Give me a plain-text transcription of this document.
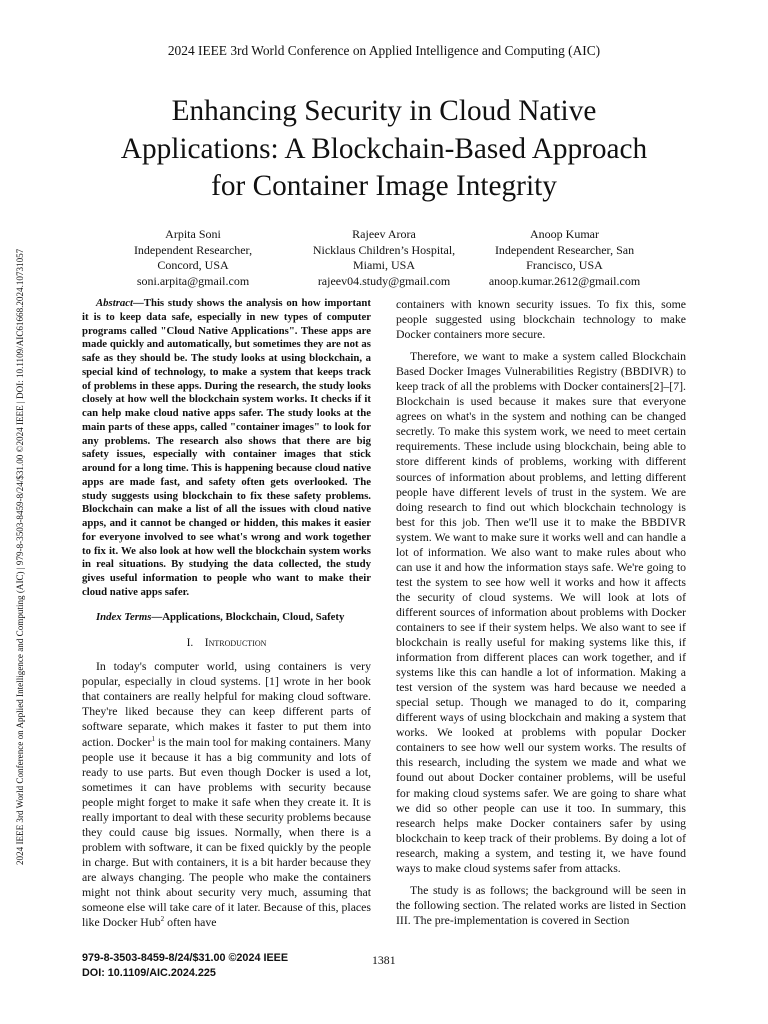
2024 IEEE 3rd World Conference on Applied Intelligence and Computing (AIC)
2024 IEEE 3rd World Conference on Applied Intelligence and Computing (AIC) | 979-8-3503-8459-8/24/$31.00 ©2024 IEEE | DOI: 10.1109/AIC61668.2024.10731057
Enhancing Security in Cloud Native
Applications: A Blockchain-Based Approach
for Container Image Integrity
Arpita Soni
Independent Researcher,
Concord, USA
soni.arpita@gmail.com
Rajeev Arora
Nicklaus Children’s Hospital,
Miami, USA
rajeev04.study@gmail.com
Anoop Kumar
Independent Researcher, San
Francisco, USA
anoop.kumar.2612@gmail.com

Abstract—This study shows the analysis on how important it is to keep data safe, especially in new types of computer programs called "Cloud Native Applications". These apps are made quickly and automatically, but sometimes they are not as safe as they should be. The study looks at using blockchain, a special kind of technology, to make a system that keeps track of problems in these apps. During the research, the study looks closely at how well the blockchain system works. It checks if it can help make cloud native apps safer. The study looks at the main parts of these apps, called "container images" to look for any problems. The research also shows that there are big safety issues, especially with container images that stick around for a long time. This is happening because cloud native apps are made fast, and safety often gets overlooked. The study suggests using blockchain to fix these safety problems. Blockchain can make a list of all the issues with cloud native apps, and it cannot be changed or hidden, this makes it easier for everyone involved to see what's wrong and work together to fix it. We also look at how well the blockchain system works in real situations. By studying the data collected, the study gives useful information to people who want to make their cloud native apps safer.

Index Terms—Applications, Blockchain, Cloud, Safety

I. Introduction

In today's computer world, using containers is very popular, especially in cloud systems. [1] wrote in her book that containers are really helpful for making cloud software. They're liked because they can keep different parts of software separate, which makes it faster to put them into action. Docker$^1$ is the main tool for making containers. Many people use it because it has a big community and lots of ready to use parts. But even though Docker is used a lot, sometimes it can have problems with security because people might forget to make it safe when they create it. It is really important to deal with these security problems because they could cause big issues. Normally, when there is a problem with software, it can be fixed quickly by the people in charge. But with containers, it is a bit harder because they are always changing. The people who make the containers might not think about security very much, assuming that someone else will take care of it later. Because of this, places like Docker Hub$^2$ often have

containers with known security issues. To fix this, some people suggested using blockchain technology to make Docker containers more secure.

Therefore, we want to make a system called Blockchain Based Docker Images Vulnerabilities Registry (BBDIVR) to keep track of all the problems with Docker containers[2]–[7]. Blockchain is used because it makes sure that everyone agrees on what's in the system and nothing can be changed secretly. To make this system work, we need to meet certain requirements. These include using blockchain, being able to store different kinds of problems, working with different sources of information about problems, and letting different people have different levels of trust in the system. We are doing research to find out which blockchain technology is best for this job. Then we'll use it to make the BBDIVR system. We want to make sure it works well and can handle a lot of information. We also want to make rules about who can use it and how the information stays safe. We're going to test the system to see how well it works and how it affects the security of cloud systems. We will look at lots of different sources of information about problems with Docker containers to see if their system helps. We also want to see if blockchain is really useful for making systems like this, if information from different places can work together, and if systems like this can handle a lot of information. Making a test version of the system was hard because we needed a special setup. Though we managed to do it, comparing different ways of using blockchain and making a system that works. We looked at problems with popular Docker containers to see how well our system works. The results of this research, including the system we made and what we found out about Docker container problems, will be useful for making cloud systems safer. We are going to share what we did so other people can use it too. In summary, this research helps make Docker containers safer by using blockchain to keep track of their problems. By doing a lot of research, making a system, and testing it, we have found ways to make cloud systems safer from attacks.

The study is as follows; the background will be seen in the following section. The related works are listed in Section III. The pre-implementation is covered in Section

979-8-3503-8459-8/24/$31.00 ©2024 IEEE
DOI: 10.1109/AIC.2024.225
1381
